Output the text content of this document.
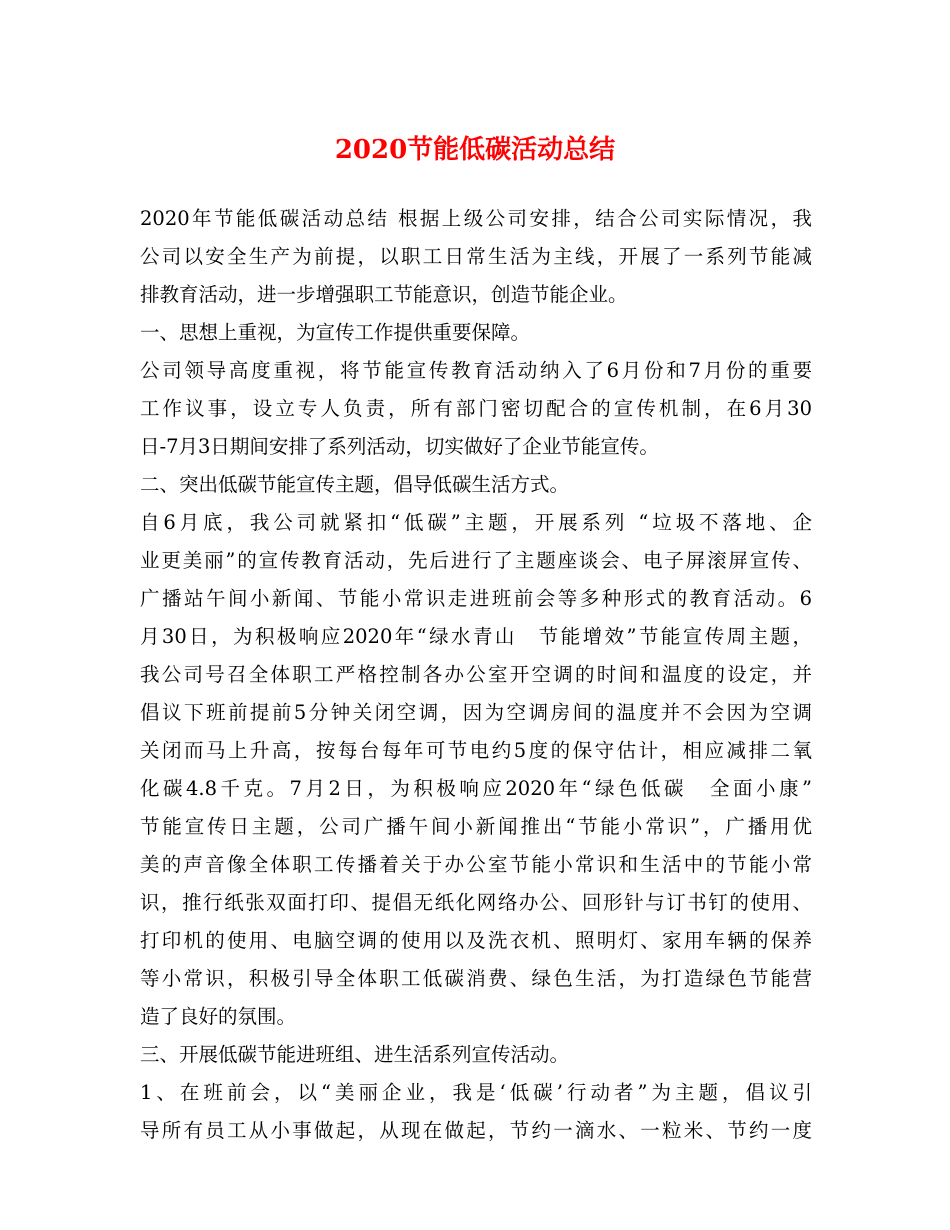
2020节能低碳活动总结
2020年节能低碳活动总结 根据上级公司安排，结合公司实际情况，我
公司以安全生产为前提，以职工日常生活为主线，开展了一系列节能减
排教育活动，进一步增强职工节能意识，创造节能企业。
一、思想上重视，为宣传工作提供重要保障。
公司领导高度重视，将节能宣传教育活动纳入了6月份和7月份的重要
工作议事，设立专人负责，所有部门密切配合的宣传机制，在6月30
日-7月3日期间安排了系列活动，切实做好了企业节能宣传。
二、突出低碳节能宣传主题，倡导低碳生活方式。
自6月底，我公司就紧扣“低碳”主题，开展系列 “垃圾不落地、企
业更美丽”的宣传教育活动，先后进行了主题座谈会、电子屏滚屏宣传、
广播站午间小新闻、节能小常识走进班前会等多种形式的教育活动。6
月30日，为积极响应2020年“绿水青山　节能增效”节能宣传周主题，
我公司号召全体职工严格控制各办公室开空调的时间和温度的设定，并
倡议下班前提前5分钟关闭空调，因为空调房间的温度并不会因为空调
关闭而马上升高，按每台每年可节电约5度的保守估计，相应减排二氧
化碳4.8千克。7月2日，为积极响应2020年“绿色低碳　全面小康”
节能宣传日主题，公司广播午间小新闻推出“节能小常识”，广播用优
美的声音像全体职工传播着关于办公室节能小常识和生活中的节能小常
识，推行纸张双面打印、提倡无纸化网络办公、回形针与订书钉的使用、
打印机的使用、电脑空调的使用以及洗衣机、照明灯、家用车辆的保养
等小常识，积极引导全体职工低碳消费、绿色生活，为打造绿色节能营
造了良好的氛围。
三、开展低碳节能进班组、进生活系列宣传活动。
1、在班前会，以“美丽企业，我是‘低碳’行动者”为主题，倡议引
导所有员工从小事做起，从现在做起，节约一滴水、一粒米、节约一度
